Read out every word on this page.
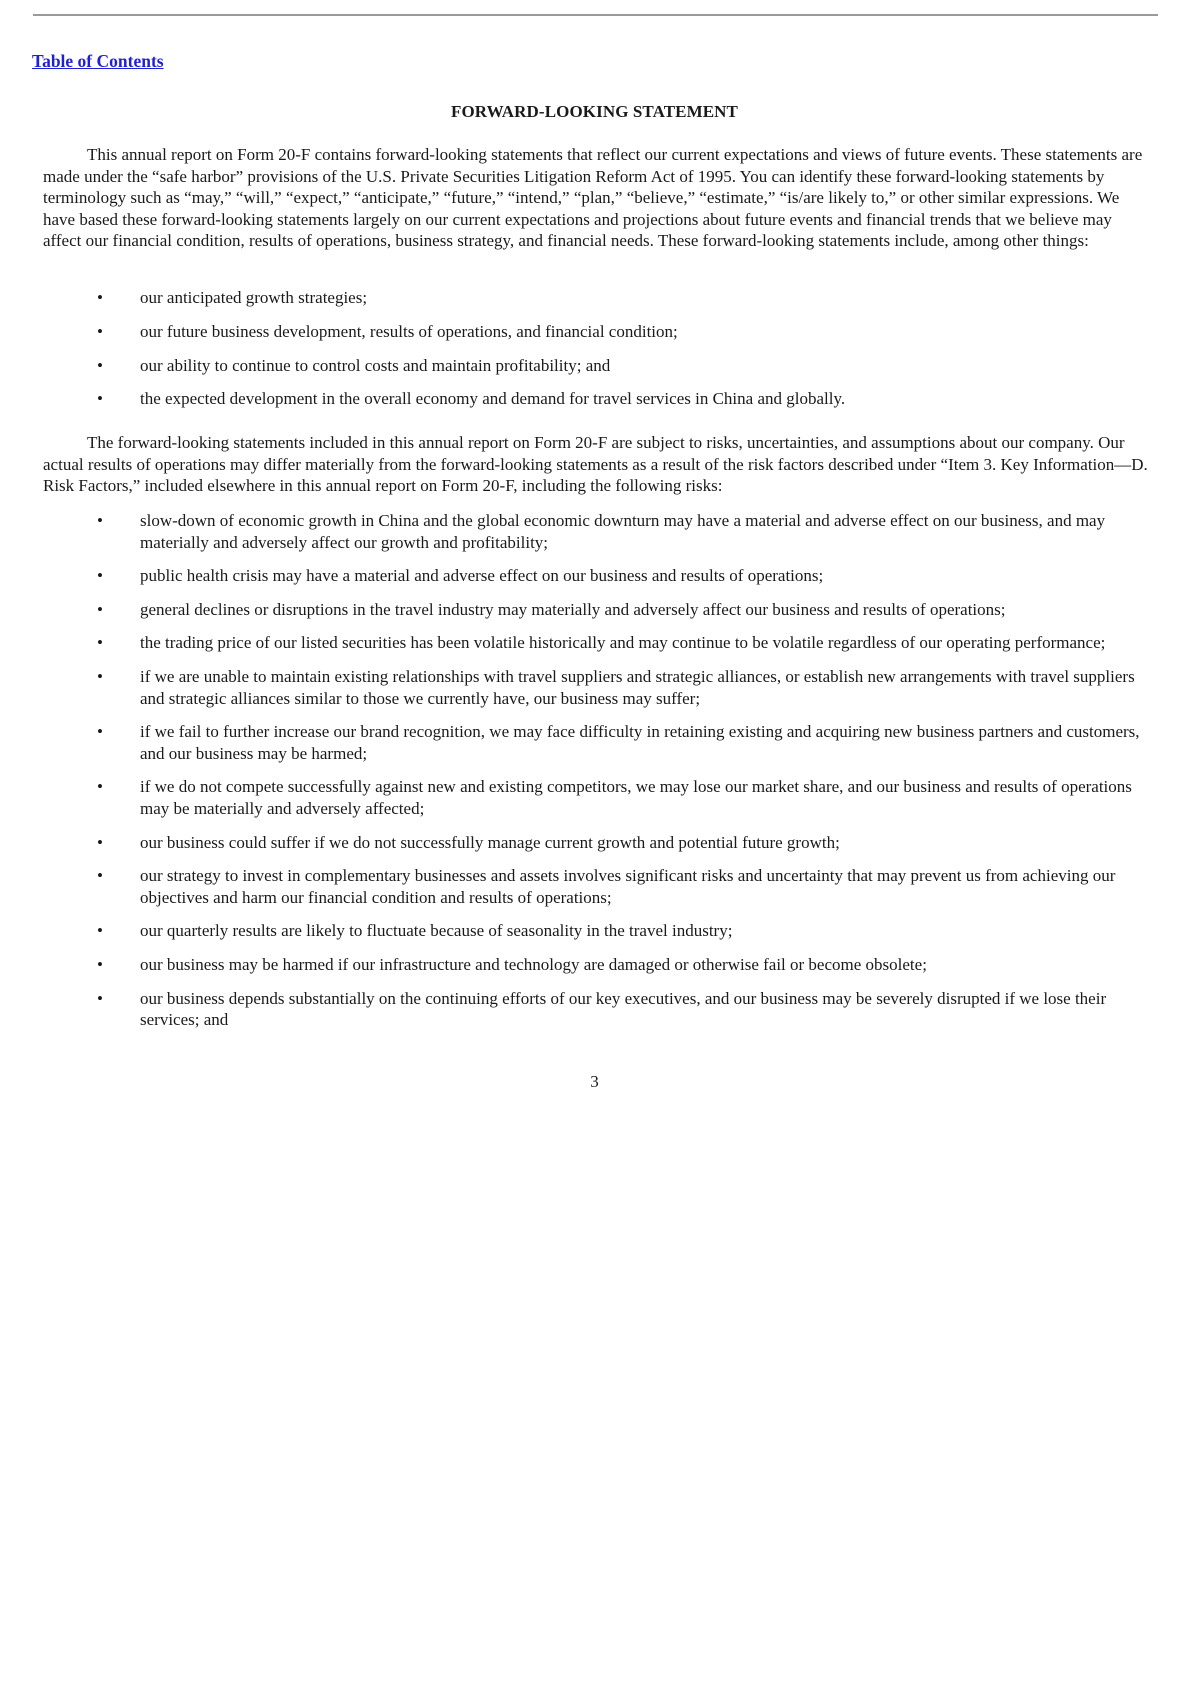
Table of Contents
FORWARD-LOOKING STATEMENT

This annual report on Form 20-F contains forward-looking statements that reflect our current expectations and views of future events. These statements are made under the “safe harbor” provisions of the U.S. Private Securities Litigation Reform Act of 1995. You can identify these forward-looking statements by terminology such as “may,” “will,” “expect,” “anticipate,” “future,” “intend,” “plan,” “believe,” “estimate,” “is/are likely to,” or other similar expressions. We have based these forward-looking statements largely on our current expectations and projections about future events and financial trends that we believe may affect our financial condition, results of operations, business strategy, and financial needs. These forward-looking statements include, among other things:

• our anticipated growth strategies;
• our future business development, results of operations, and financial condition;
• our ability to continue to control costs and maintain profitability; and
• the expected development in the overall economy and demand for travel services in China and globally.

The forward-looking statements included in this annual report on Form 20-F are subject to risks, uncertainties, and assumptions about our company. Our actual results of operations may differ materially from the forward-looking statements as a result of the risk factors described under “Item 3. Key Information—D. Risk Factors,” included elsewhere in this annual report on Form 20-F, including the following risks:

• slow-down of economic growth in China and the global economic downturn may have a material and adverse effect on our business, and may materially and adversely affect our growth and profitability;
• public health crisis may have a material and adverse effect on our business and results of operations;
• general declines or disruptions in the travel industry may materially and adversely affect our business and results of operations;
• the trading price of our listed securities has been volatile historically and may continue to be volatile regardless of our operating performance;
• if we are unable to maintain existing relationships with travel suppliers and strategic alliances, or establish new arrangements with travel suppliers and strategic alliances similar to those we currently have, our business may suffer;
• if we fail to further increase our brand recognition, we may face difficulty in retaining existing and acquiring new business partners and customers, and our business may be harmed;
• if we do not compete successfully against new and existing competitors, we may lose our market share, and our business and results of operations may be materially and adversely affected;
• our business could suffer if we do not successfully manage current growth and potential future growth;
• our strategy to invest in complementary businesses and assets involves significant risks and uncertainty that may prevent us from achieving our objectives and harm our financial condition and results of operations;
• our quarterly results are likely to fluctuate because of seasonality in the travel industry;
• our business may be harmed if our infrastructure and technology are damaged or otherwise fail or become obsolete;
• our business depends substantially on the continuing efforts of our key executives, and our business may be severely disrupted if we lose their services; and
3
